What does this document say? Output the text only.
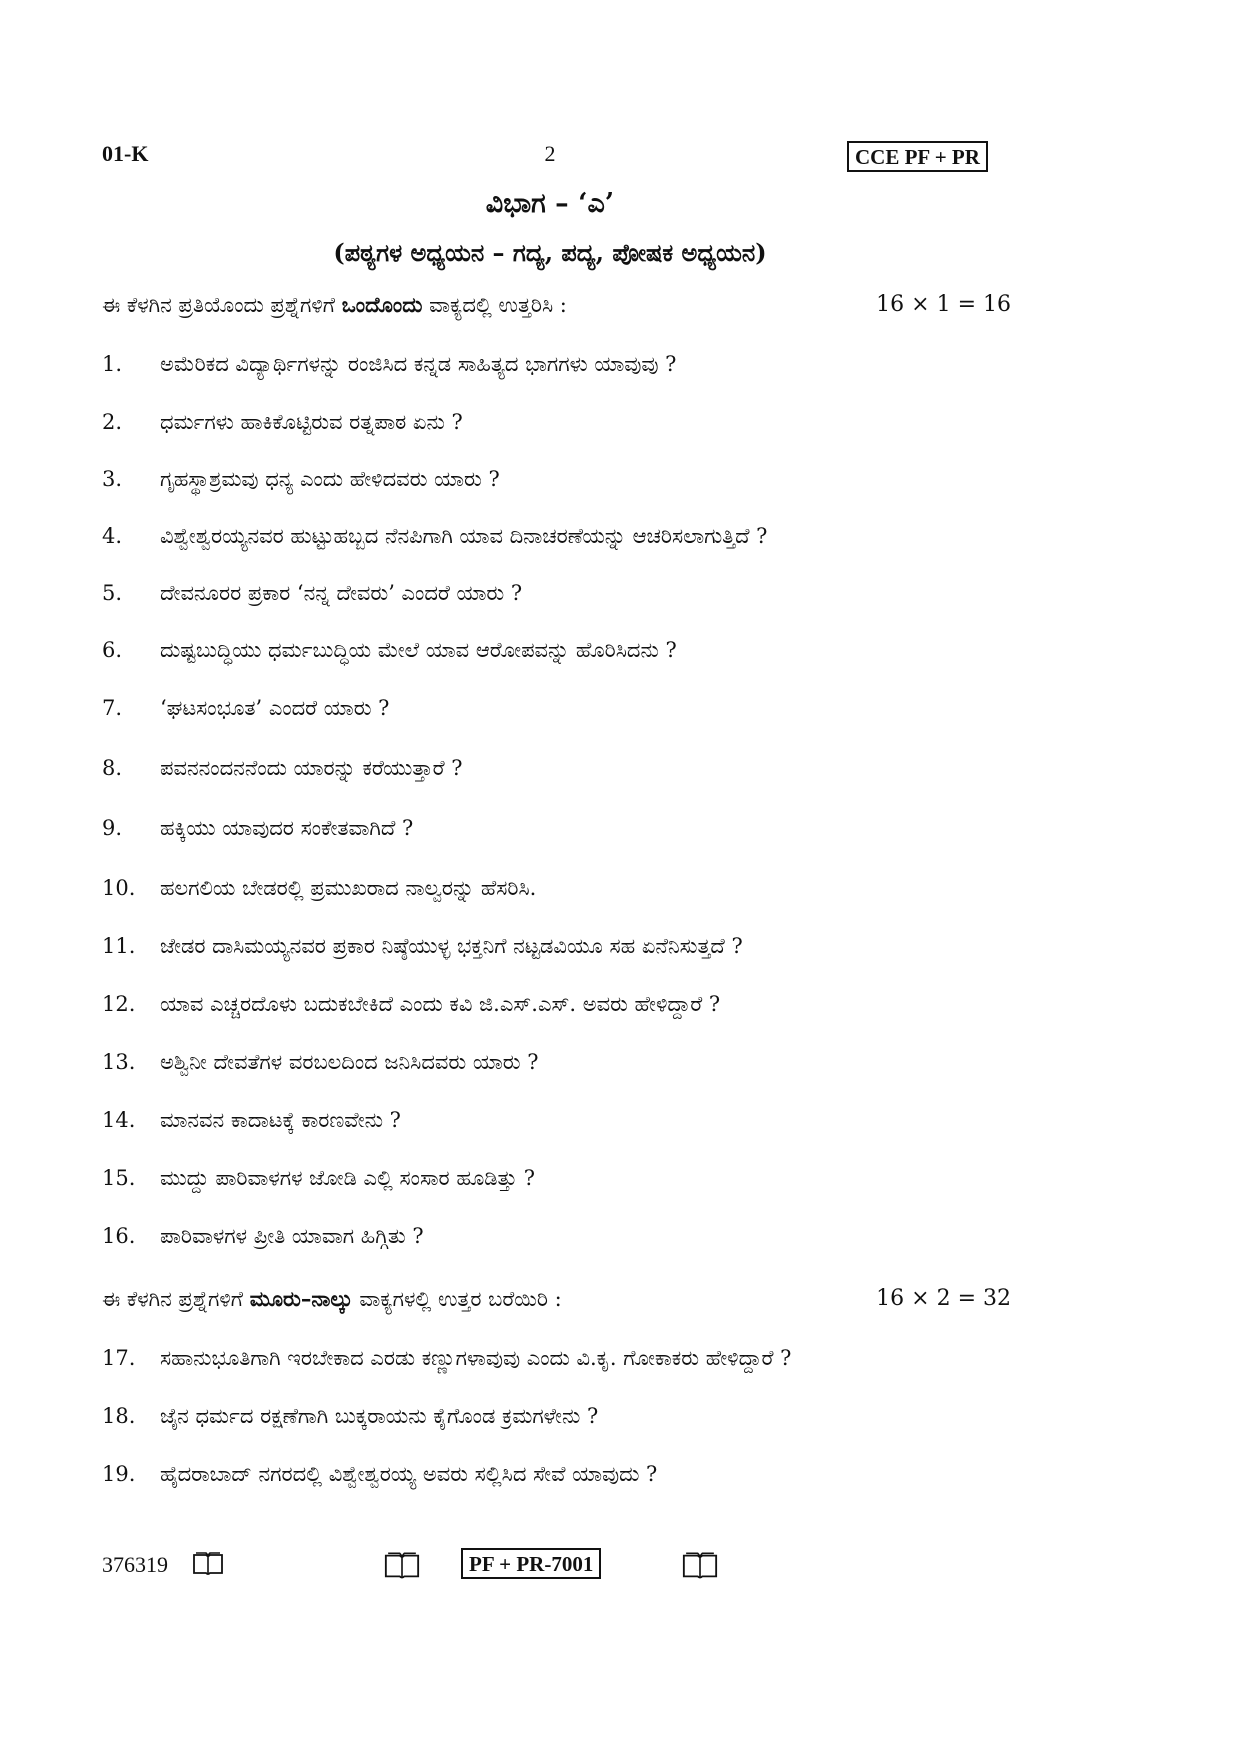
01-K	2	CCE PF + PR
ವಿಭಾಗ – ‘ಎ’
(ಪಠ್ಯಗಳ ಅಧ್ಯಯನ – ಗದ್ಯ, ಪದ್ಯ, ಪೋಷಕ ಅಧ್ಯಯನ)
ಈ ಕೆಳಗಿನ ಪ್ರತಿಯೊಂದು ಪ್ರಶ್ನೆಗಳಿಗೆ ಒಂದೊಂದು ವಾಕ್ಯದಲ್ಲಿ ಉತ್ತರಿಸಿ :	16 × 1 = 16
1. ಅಮೆರಿಕದ ವಿದ್ಯಾರ್ಥಿಗಳನ್ನು ರಂಜಿಸಿದ ಕನ್ನಡ ಸಾಹಿತ್ಯದ ಭಾಗಗಳು ಯಾವುವು ?
2. ಧರ್ಮಗಳು ಹಾಕಿಕೊಟ್ಟಿರುವ ರತ್ನಪಾಠ ಏನು ?
3. ಗೃಹಸ್ಥಾಶ್ರಮವು ಧನ್ಯ ಎಂದು ಹೇಳಿದವರು ಯಾರು ?
4. ವಿಶ್ವೇಶ್ವರಯ್ಯನವರ ಹುಟ್ಟುಹಬ್ಬದ ನೆನಪಿಗಾಗಿ ಯಾವ ದಿನಾಚರಣೆಯನ್ನು ಆಚರಿಸಲಾಗುತ್ತಿದೆ ?
5. ದೇವನೂರರ ಪ್ರಕಾರ ‘ನನ್ನ ದೇವರು’ ಎಂದರೆ ಯಾರು ?
6. ದುಷ್ಟಬುದ್ಧಿಯು ಧರ್ಮಬುದ್ಧಿಯ ಮೇಲೆ ಯಾವ ಆರೋಪವನ್ನು ಹೊರಿಸಿದನು ?
7. ‘ಘಟಸಂಭೂತ’ ಎಂದರೆ ಯಾರು ?
8. ಪವನನಂದನನೆಂದು ಯಾರನ್ನು ಕರೆಯುತ್ತಾರೆ ?
9. ಹಕ್ಕಿಯು ಯಾವುದರ ಸಂಕೇತವಾಗಿದೆ ?
10. ಹಲಗಲಿಯ ಬೇಡರಲ್ಲಿ ಪ್ರಮುಖರಾದ ನಾಲ್ವರನ್ನು ಹೆಸರಿಸಿ.
11. ಜೇಡರ ದಾಸಿಮಯ್ಯನವರ ಪ್ರಕಾರ ನಿಷ್ಠೆಯುಳ್ಳ ಭಕ್ತನಿಗೆ ನಟ್ಟಡವಿಯೂ ಸಹ ಏನೆನಿಸುತ್ತದೆ ?
12. ಯಾವ ಎಚ್ಚರದೊಳು ಬದುಕಬೇಕಿದೆ ಎಂದು ಕವಿ ಜಿ.ಎಸ್.ಎಸ್. ಅವರು ಹೇಳಿದ್ದಾರೆ ?
13. ಅಶ್ವಿನೀ ದೇವತೆಗಳ ವರಬಲದಿಂದ ಜನಿಸಿದವರು ಯಾರು ?
14. ಮಾನವನ ಕಾದಾಟಕ್ಕೆ ಕಾರಣವೇನು ?
15. ಮುದ್ದು ಪಾರಿವಾಳಗಳ ಜೋಡಿ ಎಲ್ಲಿ ಸಂಸಾರ ಹೂಡಿತ್ತು ?
16. ಪಾರಿವಾಳಗಳ ಪ್ರೀತಿ ಯಾವಾಗ ಹಿಗ್ಗಿತು ?
ಈ ಕೆಳಗಿನ ಪ್ರಶ್ನೆಗಳಿಗೆ ಮೂರು–ನಾಲ್ಕು ವಾಕ್ಯಗಳಲ್ಲಿ ಉತ್ತರ ಬರೆಯಿರಿ :	16 × 2 = 32
17. ಸಹಾನುಭೂತಿಗಾಗಿ ಇರಬೇಕಾದ ಎರಡು ಕಣ್ಣುಗಳಾವುವು ಎಂದು ವಿ.ಕೃ. ಗೋಕಾಕರು ಹೇಳಿದ್ದಾರೆ ?
18. ಜೈನ ಧರ್ಮದ ರಕ್ಷಣೆಗಾಗಿ ಬುಕ್ಕರಾಯನು ಕೈಗೊಂಡ ಕ್ರಮಗಳೇನು ?
19. ಹೈದರಾಬಾದ್ ನಗರದಲ್ಲಿ ವಿಶ್ವೇಶ್ವರಯ್ಯ ಅವರು ಸಲ್ಲಿಸಿದ ಸೇವೆ ಯಾವುದು ?
376319	PF + PR-7001
